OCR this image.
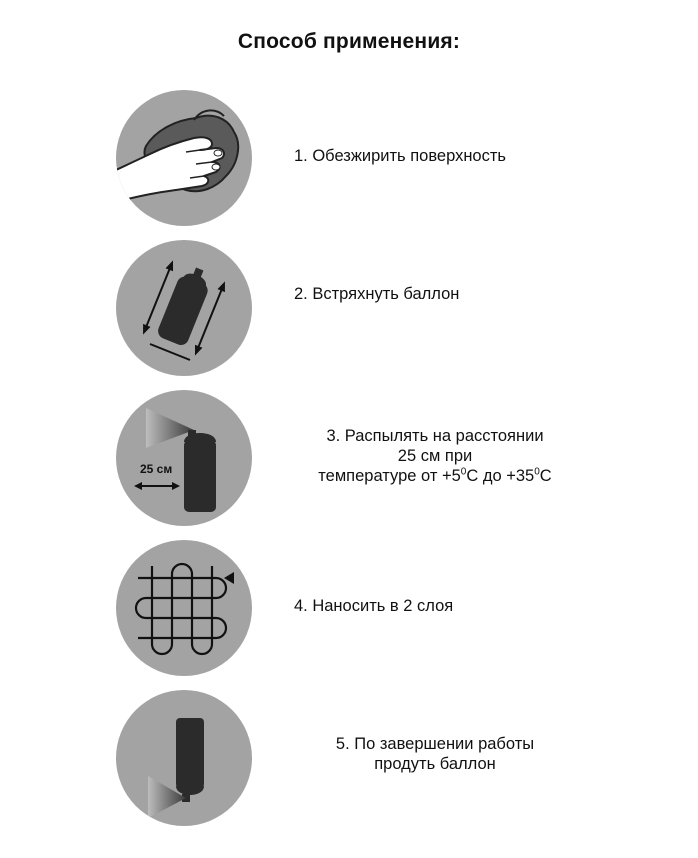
Способ применения:
1. Обезжирить поверхность
2. Встряхнуть баллон
25 см
3. Распылять на расстоянии
25 см при
температуре от $+5^0С$ до $+35^0С$
4. Наносить в 2 слоя
5. По завершении работы
продуть баллон
